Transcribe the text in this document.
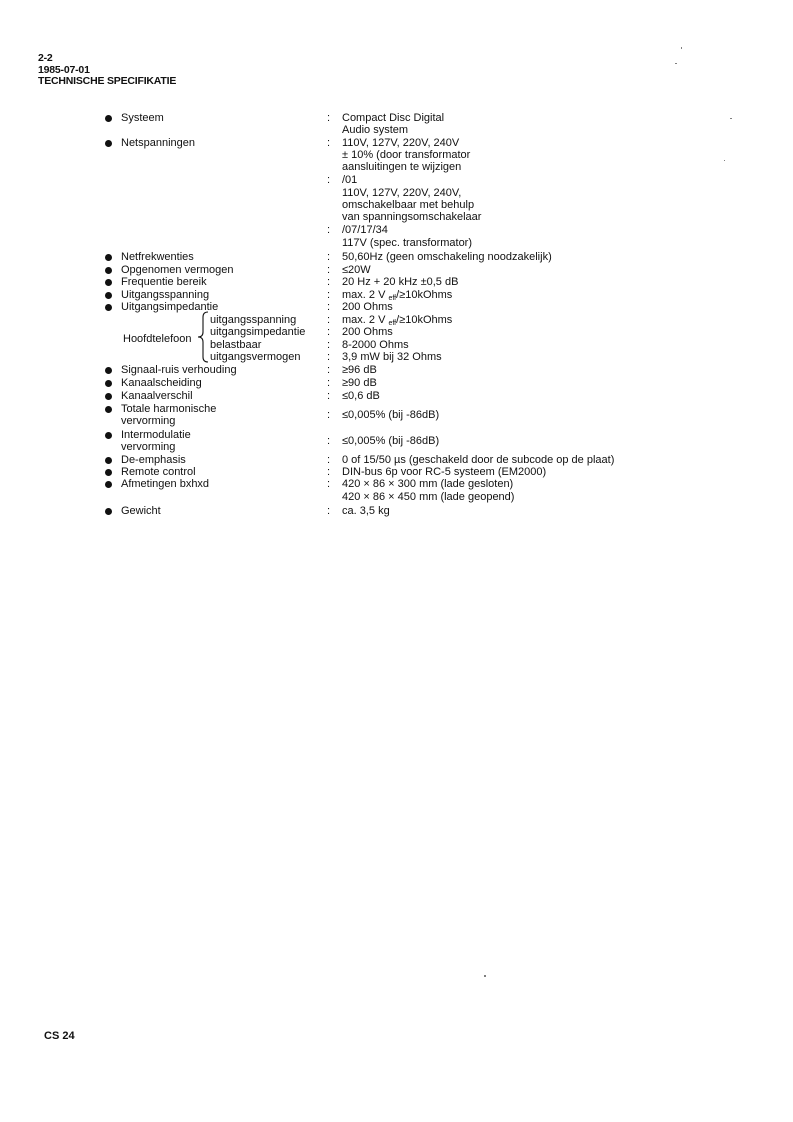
2-2
1985-07-01
TECHNISCHE SPECIFIKATIE
Systeem	: Compact Disc Digital
Audio system
Netspanningen	: 110V, 127V, 220V, 240V
± 10% (door transformator
aansluitingen te wijzigen
: /01
110V, 127V, 220V, 240V,
omschakelbaar met behulp
van spanningsomschakelaar
: /07/17/34
117V (spec. transformator)
Netfrekwenties	: 50,60Hz (geen omschakeling noodzakelijk)
Opgenomen vermogen	: ≤20W
Frequentie bereik	: 20 Hz + 20 kHz ±0,5 dB
Uitgangsspanning	: max. 2 V $_{eff}$/≥10kOhms
Uitgangsimpedantie	: 200 Ohms
Hoofdtelefoon
uitgangsspanning	: max. 2 V $_{eff}$/≥10kOhms
uitgangsimpedantie : 200 Ohms
belastbaar	: 8-2000 Ohms
uitgangsvermogen : 3,9 mW bij 32 Ohms
Signaal-ruis verhouding	: ≥96 dB
Kanaalscheiding	: ≥90 dB
Kanaalverschil	: ≤0,6 dB
Totale harmonische vervorming
: ≤0,005% (bij -86dB)
Intermodulatie vervorming
: ≤0,005% (bij -86dB)
De-emphasis	: 0 of 15/50 µs (geschakeld door de subcode op de plaat)
Remote control	: DIN-bus 6p voor RC-5 systeem (EM2000)
Afmetingen bxhxd	: 420 × 86 × 300 mm (lade gesloten)
420 × 86 × 450 mm (lade geopend)
Gewicht	: ca. 3,5 kg
CS 24
